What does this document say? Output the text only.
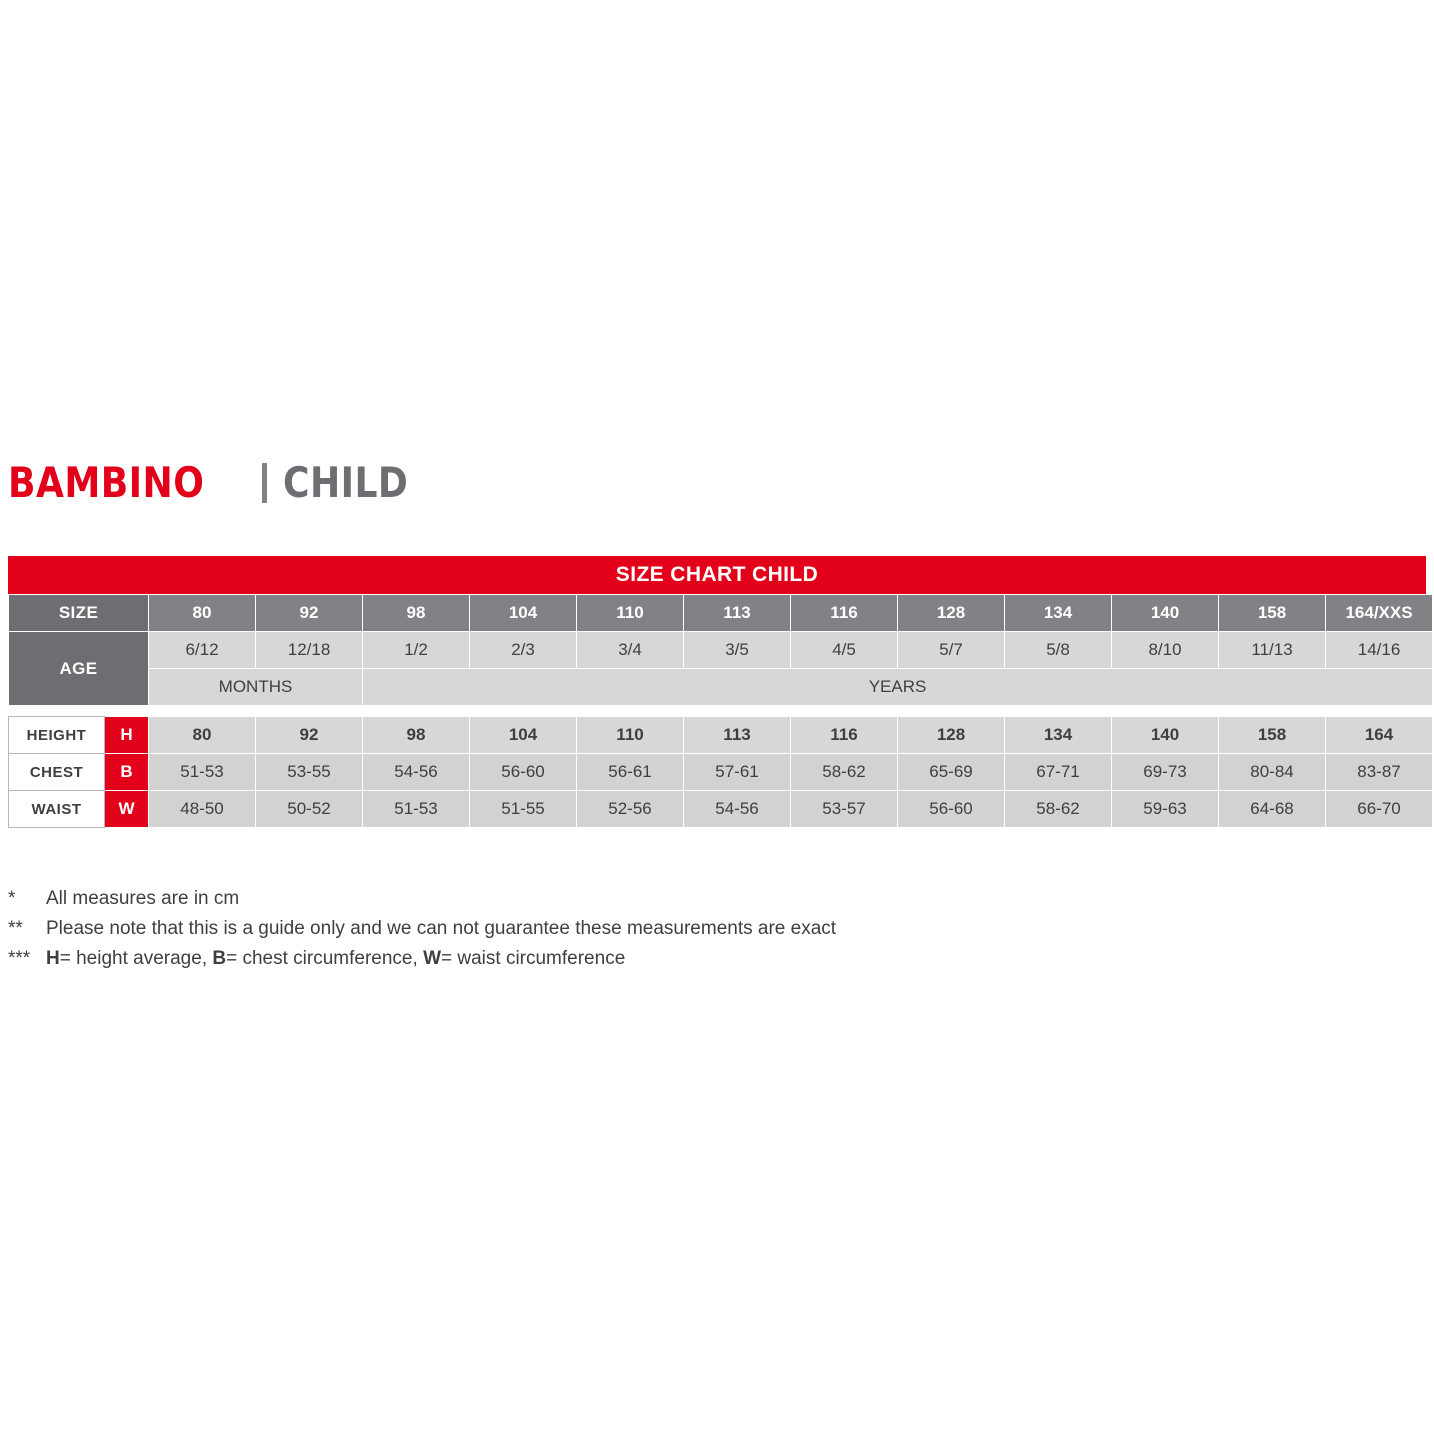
BAMBINO CHILD
SIZE CHART CHILD
SIZE		80	92	98	104	110	113	116	128	134	140	158	164/XXS
AGE		6/12	12/18	1/2	2/3	3/4	3/5	4/5	5/7	5/8	8/10	11/13	14/16
		MONTHS		YEARS									

HEIGHT	H	80	92	98	104	110	113	116	128	134	140	158	164
CHEST	B	51-53	53-55	54-56	56-60	56-61	57-61	58-62	65-69	67-71	69-73	80-84	83-87
WAIST	W	48-50	50-52	51-53	51-55	52-56	54-56	53-57	56-60	58-62	59-63	64-68	66-70
*	All measures are in cm
**	Please note that this is a guide only and we can not guarantee these measurements are exact
*** H= height average, B= chest circumference, W= waist circumference
